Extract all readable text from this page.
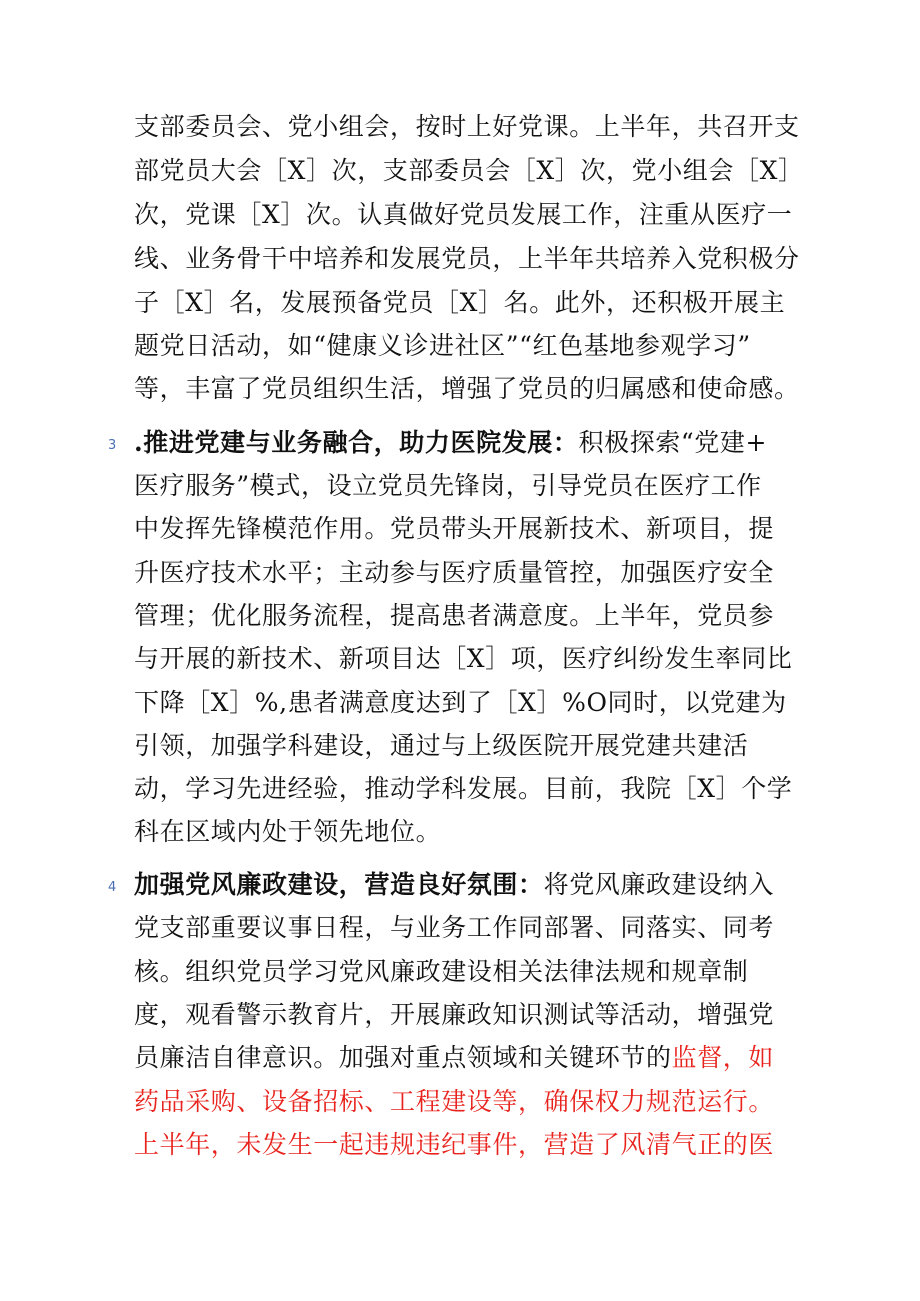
支部委员会、党小组会，按时上好党课。上半年，共召开支
部党员大会［X］次，支部委员会［X］次，党小组会［X］
次，党课［X］次。认真做好党员发展工作，注重从医疗一
线、业务骨干中培养和发展党员，上半年共培养入党积极分
子［X］名，发展预备党员［X］名。此外，还积极开展主
题党日活动，如“健康义诊进社区”“红色基地参观学习”
等，丰富了党员组织生活，增强了党员的归属感和使命感。
3 .推进党建与业务融合，助力医院发展：积极探索“党建+
医疗服务”模式，设立党员先锋岗，引导党员在医疗工作
中发挥先锋模范作用。党员带头开展新技术、新项目，提
升医疗技术水平；主动参与医疗质量管控，加强医疗安全
管理；优化服务流程，提高患者满意度。上半年，党员参
与开展的新技术、新项目达［X］项，医疗纠纷发生率同比
下降［X］%,患者满意度达到了［X］%O同时，以党建为
引领，加强学科建设，通过与上级医院开展党建共建活
动，学习先进经验，推动学科发展。目前，我院［X］个学
科在区域内处于领先地位。
4 加强党风廉政建设，营造良好氛围：将党风廉政建设纳入
党支部重要议事日程，与业务工作同部署、同落实、同考
核。组织党员学习党风廉政建设相关法律法规和规章制
度，观看警示教育片，开展廉政知识测试等活动，增强党
员廉洁自律意识。加强对重点领域和关键环节的监督，如
药品采购、设备招标、工程建设等，确保权力规范运行。
上半年，未发生一起违规违纪事件，营造了风清气正的医
